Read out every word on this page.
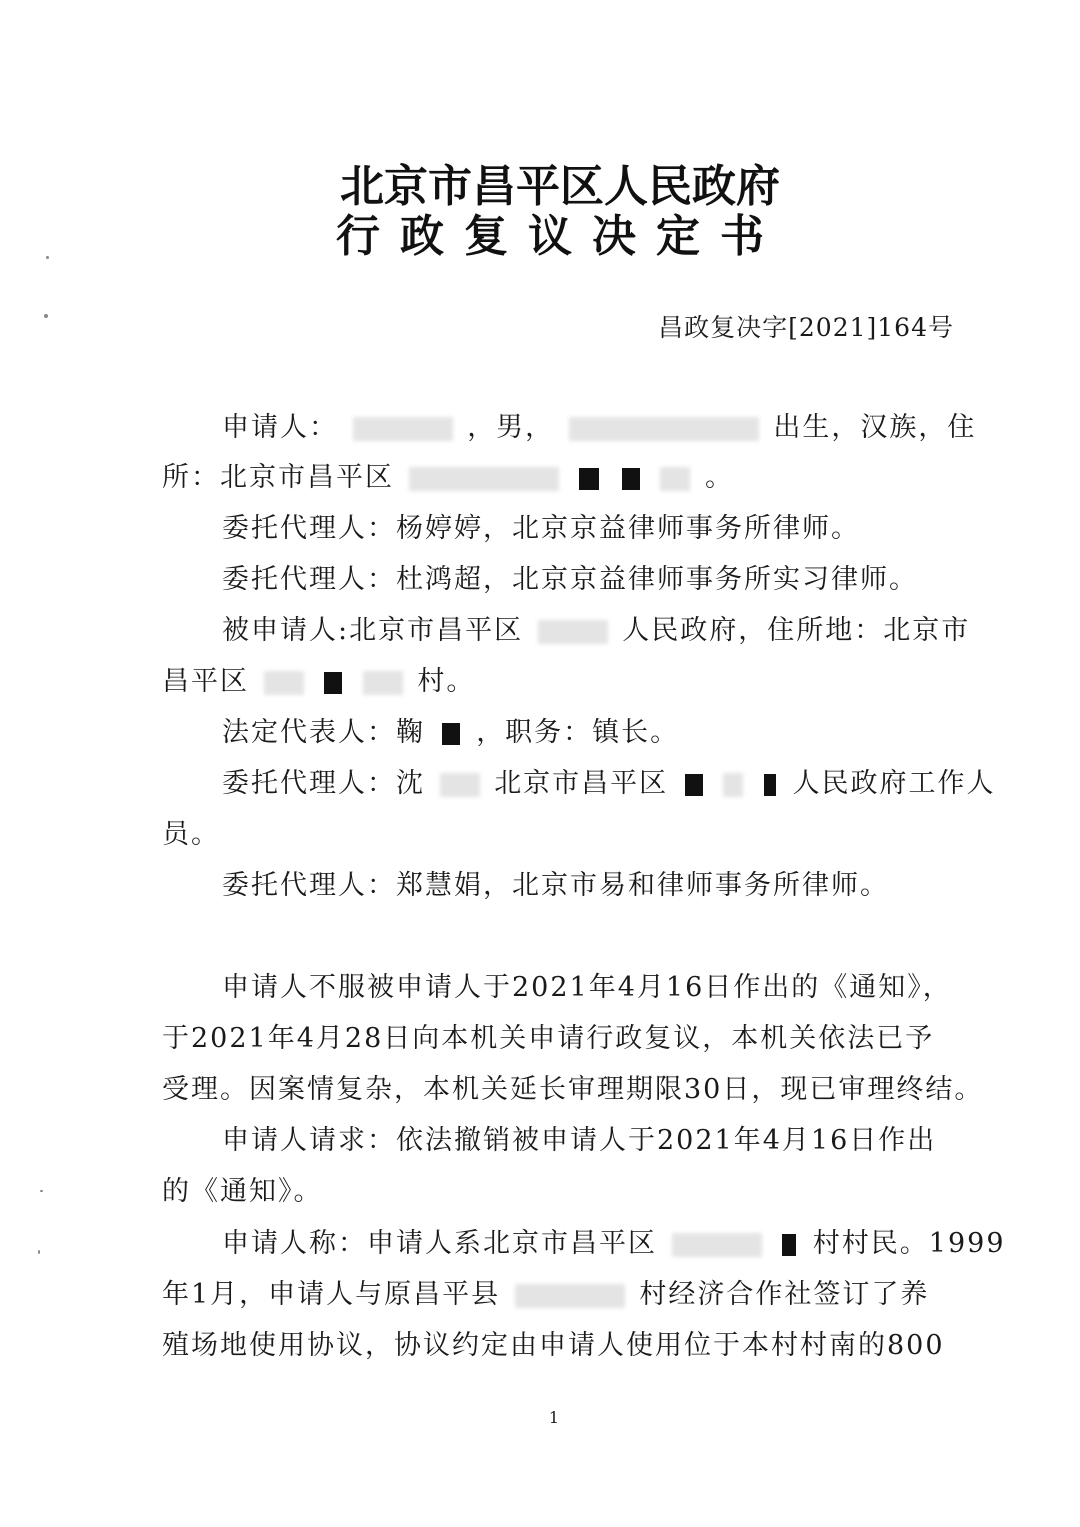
北京市昌平区人民政府
行政复议决定书
昌政复决字[2021]164号
申请人：	，男，	出生，汉族，住
所：北京市昌平区	。
委托代理人：杨婷婷，北京京益律师事务所律师。
委托代理人：杜鸿超，北京京益律师事务所实习律师。
被申请人:北京市昌平区	人民政府，住所地：北京市
昌平区	村。
法定代表人：鞠 ，职务：镇长。
委托代理人：沈	北京市昌平区	人民政府工作人
员。
委托代理人：郑慧娟，北京市易和律师事务所律师。
申请人不服被申请人于2021年4月16日作出的《通知》，
于2021年4月28日向本机关申请行政复议，本机关依法已予
受理。因案情复杂，本机关延长审理期限30日，现已审理终结。
申请人请求：依法撤销被申请人于2021年4月16日作出
的《通知》。
申请人称：申请人系北京市昌平区	村村民。1999
年1月，申请人与原昌平县	村经济合作社签订了养
殖场地使用协议，协议约定由申请人使用位于本村村南的800
1
